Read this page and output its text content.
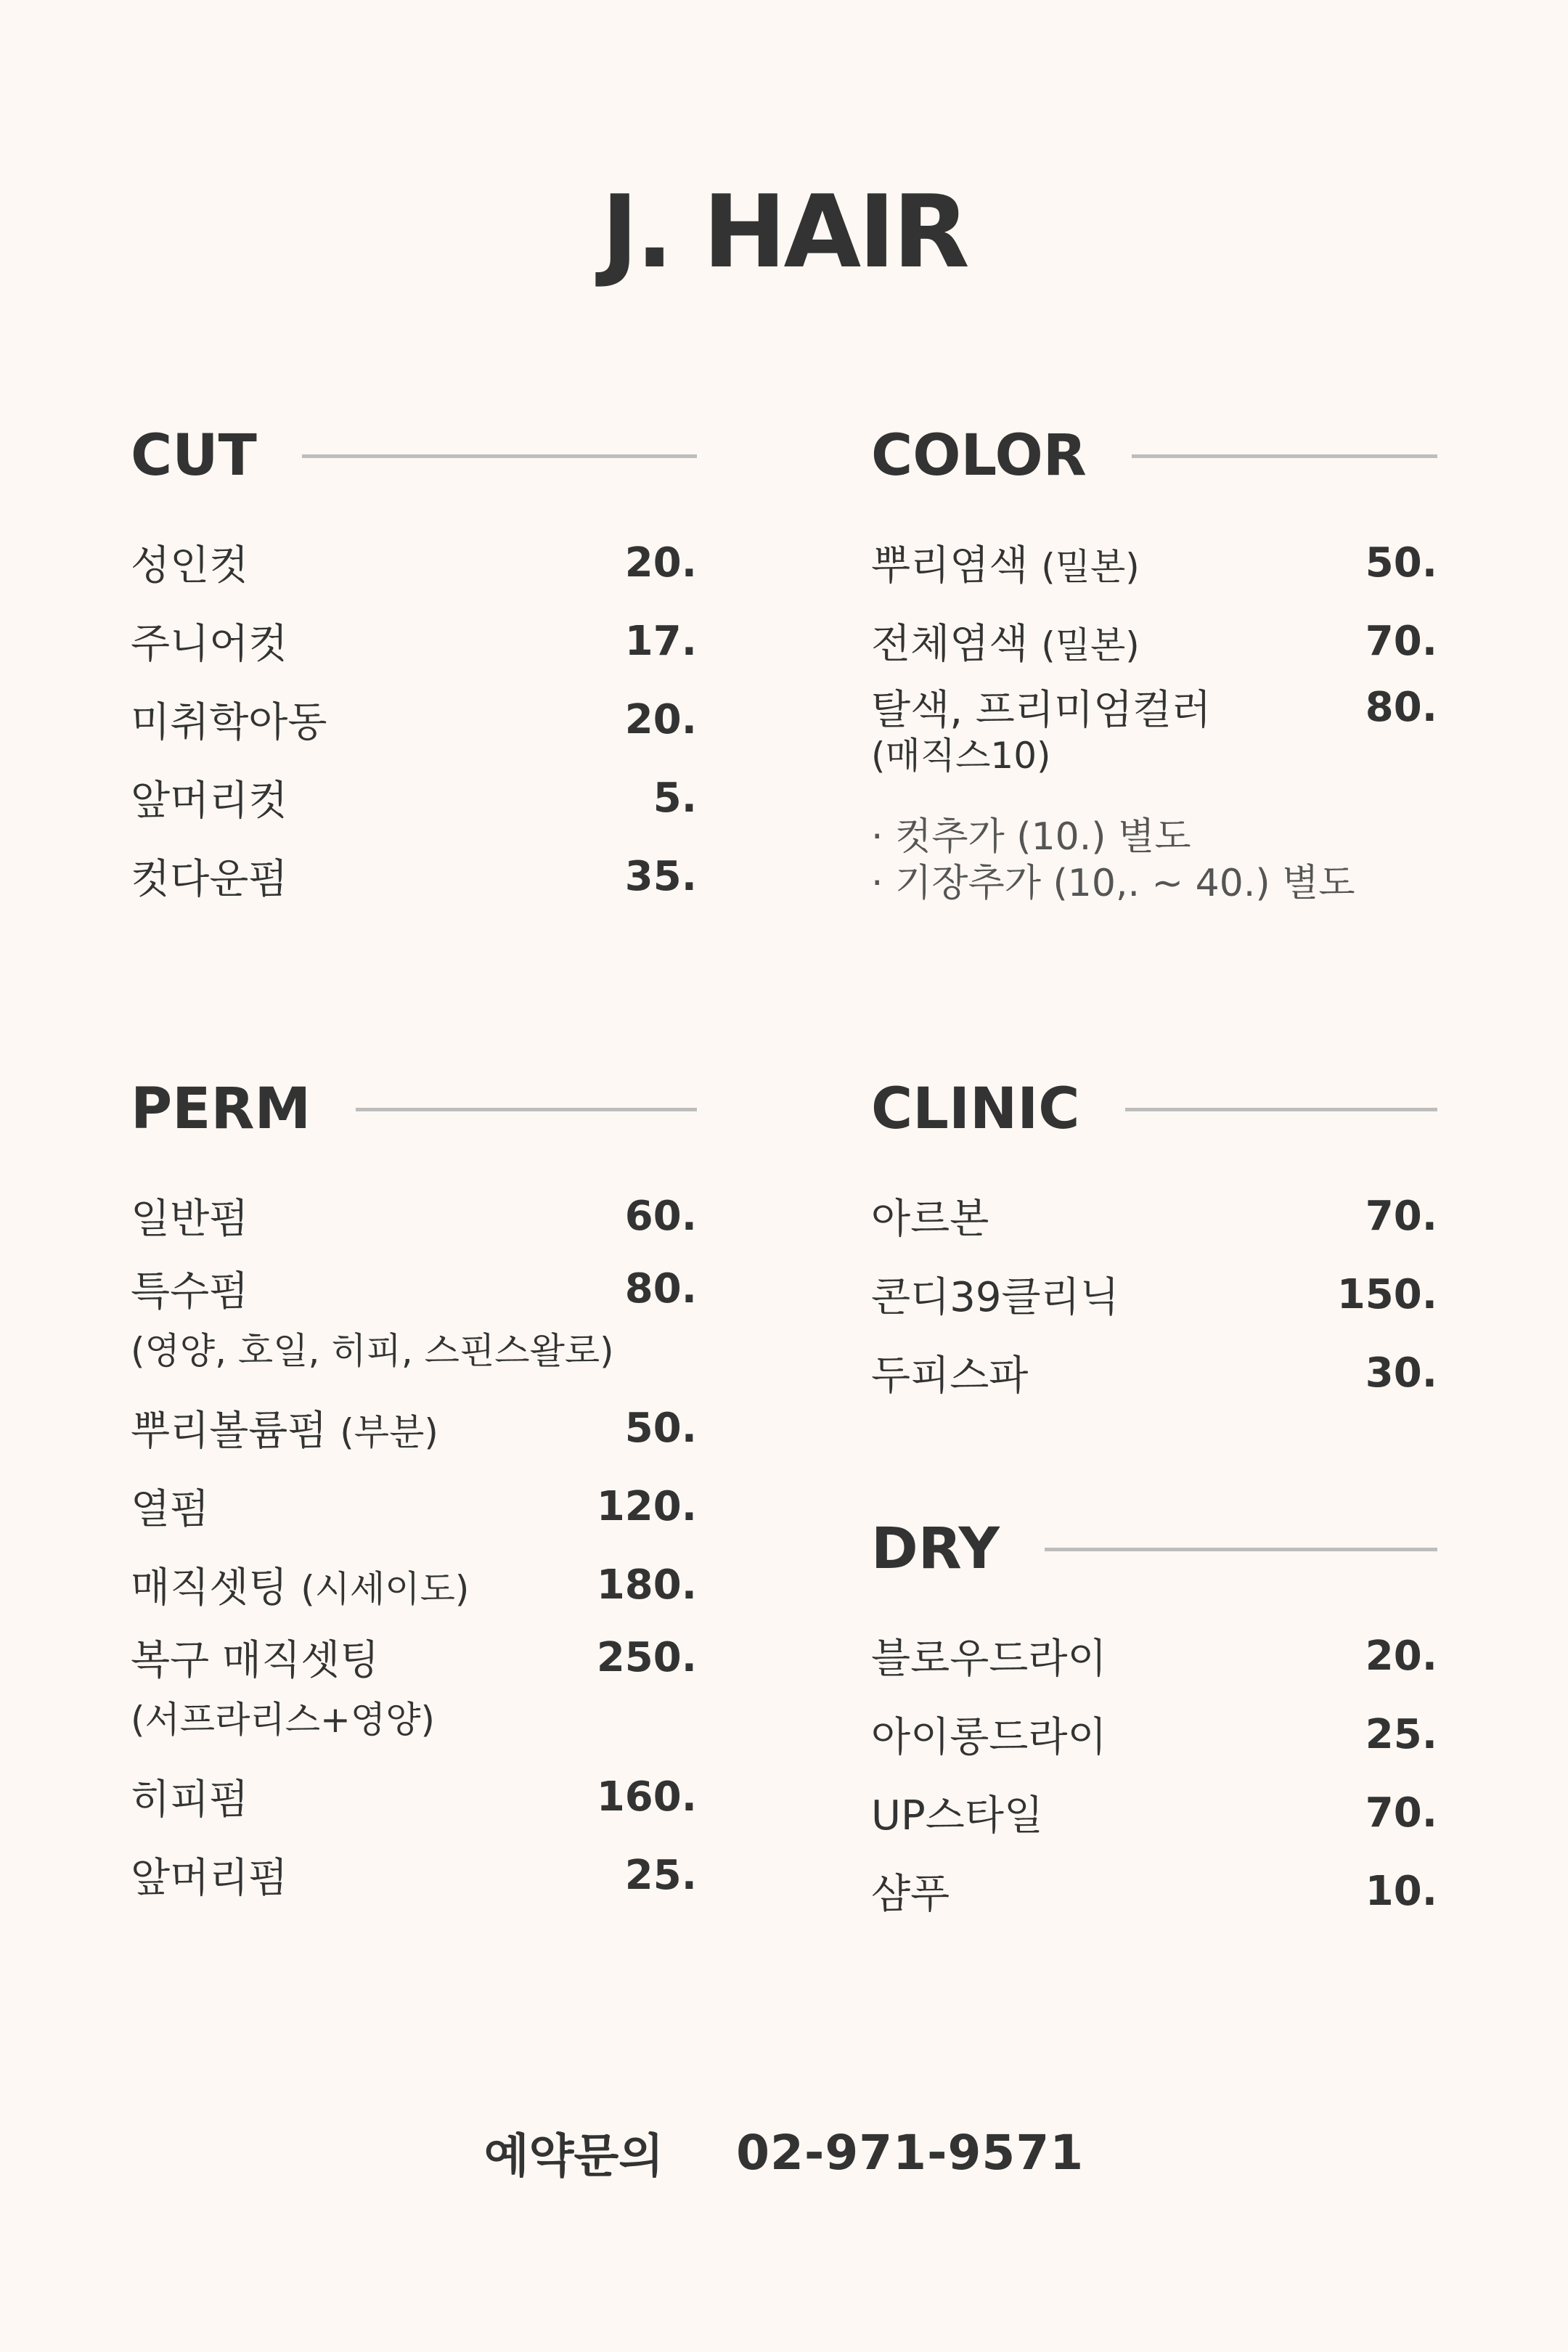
J. HAIR
CUT
성인컷	20.
주니어컷	17.
미취학아동	20.
앞머리컷	5.
컷다운펌	35.
COLOR
뿌리염색 (밀본)	50.
전체염색 (밀본)	70.
탈색, 프리미엄컬러	80.
(매직스10)
· 컷추가 (10.) 별도
· 기장추가 (10,. ~ 40.) 별도
PERM
일반펌	60.
특수펌	80.
(영양, 호일, 히피, 스핀스왈로)
뿌리볼륨펌 (부분)	50.
열펌	120.
매직셋팅 (시세이도)	180.
복구 매직셋팅	250.
(서프라리스+영양)
히피펌	160.
앞머리펌	25.
CLINIC
아르본	70.
콘디39클리닉	150.
두피스파	30.
DRY
블로우드라이	20.
아이롱드라이	25.
UP스타일	70.
샴푸	10.
예약문의 02-971-9571
